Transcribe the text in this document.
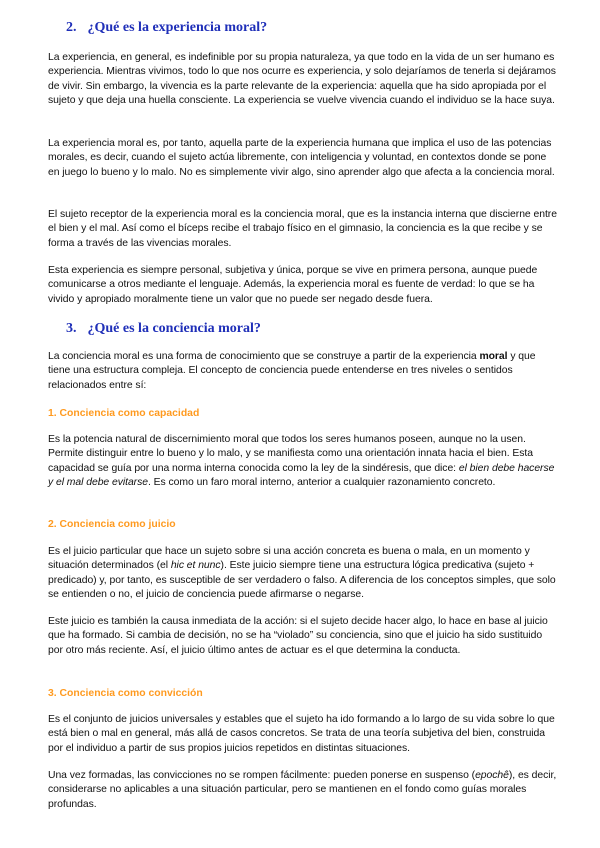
2. ¿Qué es la experiencia moral?

La experiencia, en general, es indefinible por su propia naturaleza, ya que todo en la vida de un ser humano es experiencia. Mientras vivimos, todo lo que nos ocurre es experiencia, y solo dejaríamos de tenerla si dejáramos de vivir. Sin embargo, la vivencia es la parte relevante de la experiencia: aquella que ha sido apropiada por el sujeto y que deja una huella consciente. La experiencia se vuelve vivencia cuando el individuo se la hace suya.

La experiencia moral es, por tanto, aquella parte de la experiencia humana que implica el uso de las potencias morales, es decir, cuando el sujeto actúa libremente, con inteligencia y voluntad, en contextos donde se pone en juego lo bueno y lo malo. No es simplemente vivir algo, sino aprender algo que afecta a la conciencia moral.

El sujeto receptor de la experiencia moral es la conciencia moral, que es la instancia interna que discierne entre el bien y el mal. Así como el bíceps recibe el trabajo físico en el gimnasio, la conciencia es la que recibe y se forma a través de las vivencias morales.

Esta experiencia es siempre personal, subjetiva y única, porque se vive en primera persona, aunque puede comunicarse a otros mediante el lenguaje. Además, la experiencia moral es fuente de verdad: lo que se ha vivido y apropiado moralmente tiene un valor que no puede ser negado desde fuera.

3. ¿Qué es la conciencia moral?

La conciencia moral es una forma de conocimiento que se construye a partir de la experiencia moral y que tiene una estructura compleja. El concepto de conciencia puede entenderse en tres niveles o sentidos relacionados entre sí:

1. Conciencia como capacidad

Es la potencia natural de discernimiento moral que todos los seres humanos poseen, aunque no la usen. Permite distinguir entre lo bueno y lo malo, y se manifiesta como una orientación innata hacia el bien. Esta capacidad se guía por una norma interna conocida como la ley de la sindéresis, que dice: el bien debe hacerse y el mal debe evitarse. Es como un faro moral interno, anterior a cualquier razonamiento concreto.

2. Conciencia como juicio

Es el juicio particular que hace un sujeto sobre si una acción concreta es buena o mala, en un momento y situación determinados (el hic et nunc). Este juicio siempre tiene una estructura lógica predicativa (sujeto + predicado) y, por tanto, es susceptible de ser verdadero o falso. A diferencia de los conceptos simples, que solo se entienden o no, el juicio de conciencia puede afirmarse o negarse.

Este juicio es también la causa inmediata de la acción: si el sujeto decide hacer algo, lo hace en base al juicio que ha formado. Si cambia de decisión, no se ha “violado” su conciencia, sino que el juicio ha sido sustituido por otro más reciente. Así, el juicio último antes de actuar es el que determina la conducta.

3. Conciencia como convicción

Es el conjunto de juicios universales y estables que el sujeto ha ido formando a lo largo de su vida sobre lo que está bien o mal en general, más allá de casos concretos. Se trata de una teoría subjetiva del bien, construida por el individuo a partir de sus propios juicios repetidos en distintas situaciones.

Una vez formadas, las convicciones no se rompen fácilmente: pueden ponerse en suspenso (epochê), es decir, considerarse no aplicables a una situación particular, pero se mantienen en el fondo como guías morales profundas.
